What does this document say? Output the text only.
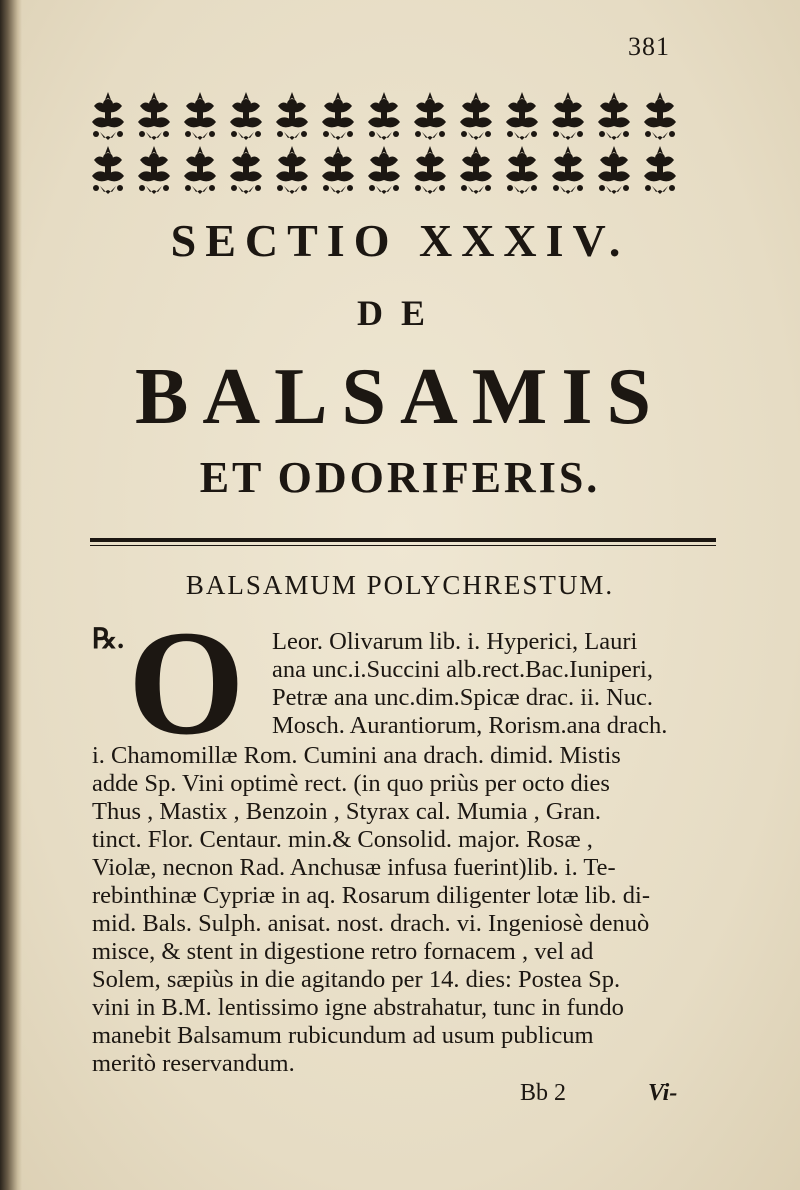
381
SECTIO XXXIV.
DE
BALSAMIS
ET ODORIFERIS.
BALSAMUM POLYCHRESTUM.
℞. O Leor. Olivarum lib. i. Hyperici, Lauri
ana unc.i.Succini alb.rect.Bac.Iuniperi,
Petræ ana unc.dim.Spicæ drac. ii. Nuc.
Mosch. Aurantiorum, Rorism.ana drach.
i. Chamomillæ Rom. Cumini ana drach. dimid. Mistis
adde Sp. Vini optimè rect. (in quo priùs per octo dies
Thus , Mastix , Benzoin , Styrax cal. Mumia , Gran.
tinct. Flor. Centaur. min.& Consolid. major. Rosæ ,
Violæ, necnon Rad. Anchusæ infusa fuerint)lib. i. Te-
rebinthinæ Cypriæ in aq. Rosarum diligenter lotæ lib. di-
mid. Bals. Sulph. anisat. nost. drach. vi. Ingeniosè denuò
misce, & stent in digestione retro fornacem , vel ad
Solem, sæpiùs in die agitando per 14. dies: Postea Sp.
vini in B.M. lentissimo igne abstrahatur, tunc in fundo
manebit Balsamum rubicundum ad usum publicum
meritò reservandum.
Bb 2	Vi-
